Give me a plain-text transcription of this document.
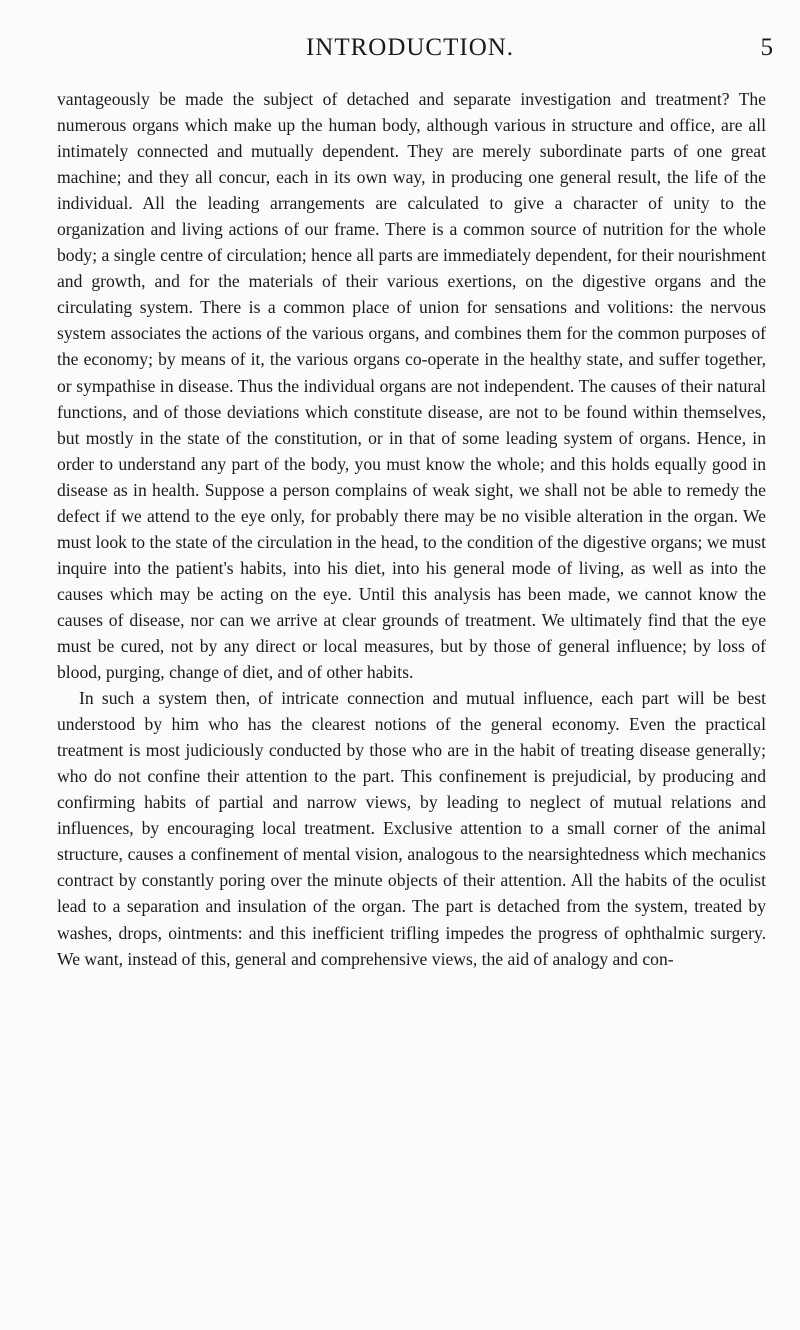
INTRODUCTION.	5

vantageously be made the subject of detached and separate investigation and treatment? The numerous organs which make up the human body, although various in structure and office, are all intimately connected and mutually dependent. They are merely subordinate parts of one great machine; and they all concur, each in its own way, in producing one general result, the life of the individual. All the leading arrangements are calculated to give a character of unity to the organization and living actions of our frame. There is a common source of nutrition for the whole body; a single centre of circulation; hence all parts are immediately dependent, for their nourishment and growth, and for the materials of their various exertions, on the digestive organs and the circulating system. There is a common place of union for sensations and volitions: the nervous system associates the actions of the various organs, and combines them for the common purposes of the economy; by means of it, the various organs co-operate in the healthy state, and suffer together, or sympathise in disease. Thus the individual organs are not independent. The causes of their natural functions, and of those deviations which constitute disease, are not to be found within themselves, but mostly in the state of the constitution, or in that of some leading system of organs. Hence, in order to understand any part of the body, you must know the whole; and this holds equally good in disease as in health. Suppose a person complains of weak sight, we shall not be able to remedy the defect if we attend to the eye only, for probably there may be no visible alteration in the organ. We must look to the state of the circulation in the head, to the condition of the digestive organs; we must inquire into the patient's habits, into his diet, into his general mode of living, as well as into the causes which may be acting on the eye. Until this analysis has been made, we cannot know the causes of disease, nor can we arrive at clear grounds of treatment. We ultimately find that the eye must be cured, not by any direct or local measures, but by those of general influence; by loss of blood, purging, change of diet, and of other habits.

In such a system then, of intricate connection and mutual influence, each part will be best understood by him who has the clearest notions of the general economy. Even the practical treatment is most judiciously conducted by those who are in the habit of treating disease generally; who do not confine their attention to the part. This confinement is prejudicial, by producing and confirming habits of partial and narrow views, by leading to neglect of mutual relations and influences, by encouraging local treatment. Exclusive attention to a small corner of the animal structure, causes a confinement of mental vision, analogous to the nearsightedness which mechanics contract by constantly poring over the minute objects of their attention. All the habits of the oculist lead to a separation and insulation of the organ. The part is detached from the system, treated by washes, drops, ointments: and this inefficient trifling impedes the progress of ophthalmic surgery. We want, instead of this, general and comprehensive views, the aid of analogy and con-
